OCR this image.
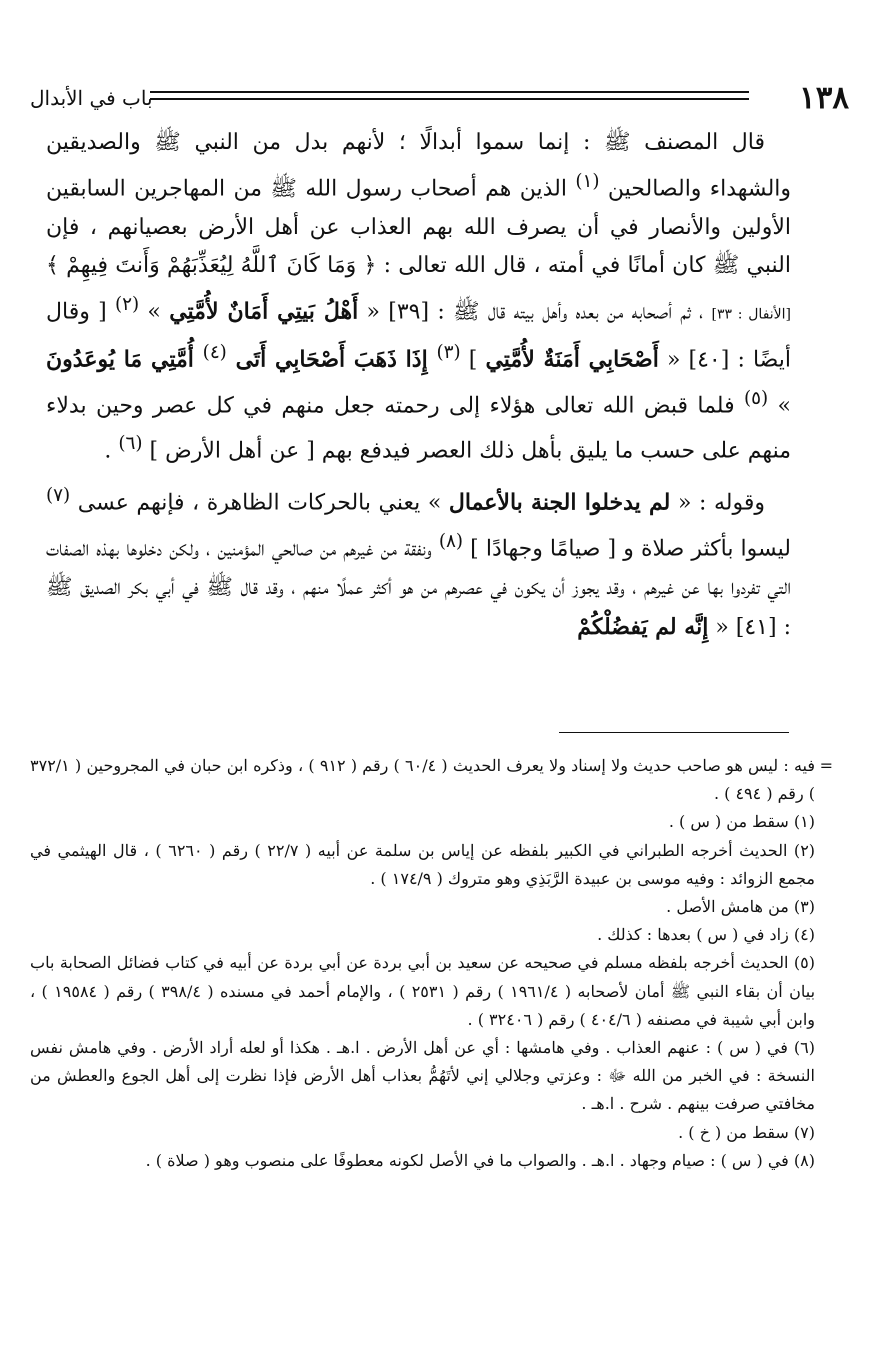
١٣٨
باب في الأبدال

قال المصنف ﷺ : إنما سموا أبدالًا ؛ لأنهم بدل من النبي ﷺ والصديقين والشهداء والصالحين $^{(١)}$ الذين هم أصحاب رسول الله ﷺ من المهاجرين السابقين الأولين والأنصار في أن يصرف الله بهم العذاب عن أهل الأرض بعصيانهم ، فإن النبي ﷺ كان أمانًا في أمته ، قال الله تعالى : ﴿ وَمَا كَانَ ٱللَّهُ لِيُعَذِّبَهُمْ وَأَنتَ فِيهِمْ ﴾ [الأنفال : ٣٣] ، ثم أصحابه من بعده وأهل بيته قال ﷺ : [٣٩] « أَهْلُ بَيتِي أَمَانٌ لأُمَّتِي » $^{(٢)}$ [ وقال أيضًا : [٤٠] « أَصْحَابِي أَمَنَةٌ لأُمَّتِي ] $^{(٣)}$ إِذَا ذَهَبَ أَصْحَابِي أَتَى $^{(٤)}$ أُمَّتِي مَا يُوعَدُونَ » $^{(٥)}$ فلما قبض الله تعالى هؤلاء إلى رحمته جعل منهم في كل عصر وحين بدلاء منهم على حسب ما يليق بأهل ذلك العصر فيدفع بهم [ عن أهل الأرض ] $^{(٦)}$ .

وقوله : « لم يدخلوا الجنة بالأعمال » يعني بالحركات الظاهرة ، فإنهم عسى $^{(٧)}$ ليسوا بأكثر صلاة و [ صيامًا وجهادًا ] $^{(٨)}$ ونفقة من غيرهم من صالحي المؤمنين ، ولكن دخلوها بهذه الصفات التي تفردوا بها عن غيرهم ، وقد يجوز أن يكون في عصرهم من هو أكثر عملًا منهم ، وقد قال ﷺ في أبي بكر الصديق ﷺ : [٤١] « إِنَّه لم يَفضُلْكُمْ

=
فيه : ليس هو صاحب حديث ولا إسناد ولا يعرف الحديث ( ٦٠/٤ ) رقم ( ٩١٢ ) ، وذكره ابن حبان في المجروحين ( ٣٧٢/١ ) رقم ( ٤٩٤ ) .
(١) سقط من ( س ) .
(٢) الحديث أخرجه الطبراني في الكبير بلفظه عن إياس بن سلمة عن أبيه ( ٢٢/٧ ) رقم ( ٦٢٦٠ ) ، قال الهيثمي في مجمع الزوائد : وفيه موسى بن عبيدة الرَّبَذِي وهو متروك ( ١٧٤/٩ ) .
(٣) من هامش الأصل .
(٤) زاد في ( س ) بعدها : كذلك .
(٥) الحديث أخرجه بلفظه مسلم في صحيحه عن سعيد بن أبي بردة عن أبي بردة عن أبيه في كتاب فضائل الصحابة باب بيان أن بقاء النبي ﷺ أمان لأصحابه ( ١٩٦١/٤ ) رقم ( ٢٥٣١ ) ، والإمام أحمد في مسنده ( ٣٩٨/٤ ) رقم ( ١٩٥٨٤ ) ، وابن أبي شيبة في مصنفه ( ٤٠٤/٦ ) رقم ( ٣٢٤٠٦ ) .
(٦) في ( س ) : عنهم العذاب . وفي هامشها : أي عن أهل الأرض . ا.هـ . هكذا أو لعله أراد الأرض . وفي هامش نفس النسخة : في الخبر من الله ﷻ : وعزتي وجلالي إني لأتَهُمُّ بعذاب أهل الأرض فإذا نظرت إلى أهل الجوع والعطش من مخافتي صرفت بينهم . شرح . ا.هـ .
(٧) سقط من ( خ ) .
(٨) في ( س ) : صيام وجهاد . ا.هـ . والصواب ما في الأصل لكونه معطوفًا على منصوب وهو ( صلاة ) .
